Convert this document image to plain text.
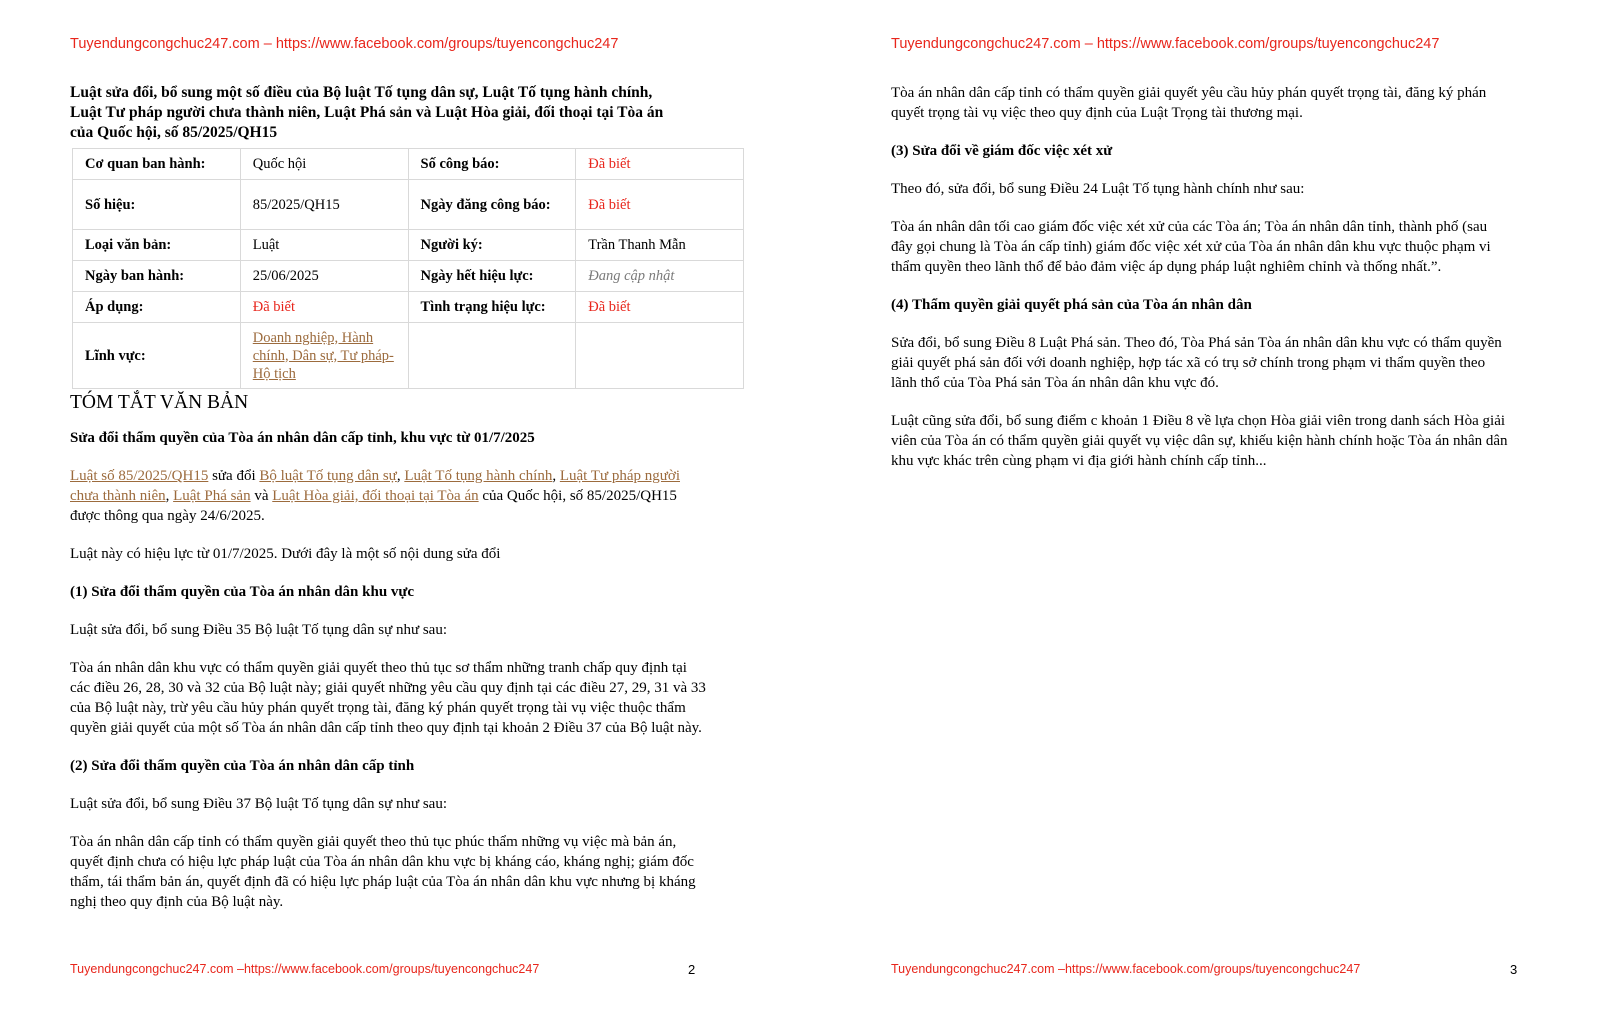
Tuyendungcongchuc247.com – https://www.facebook.com/groups/tuyencongchuc247

Luật sửa đổi, bổ sung một số điều của Bộ luật Tố tụng dân sự, Luật Tố tụng hành chính, Luật Tư pháp người chưa thành niên, Luật Phá sản và Luật Hòa giải, đối thoại tại Tòa án của Quốc hội, số 85/2025/QH15

Cơ quan ban hành:	Quốc hội	Số công báo:	Đã biết
Số hiệu:	85/2025/QH15	Ngày đăng công báo:	Đã biết
Loại văn bản:	Luật	Người ký:	Trần Thanh Mẫn
Ngày ban hành:	25/06/2025	Ngày hết hiệu lực:	Đang cập nhật
Áp dụng:	Đã biết	Tình trạng hiệu lực:	Đã biết
Lĩnh vực:	Doanh nghiệp, Hành chính, Dân sự, Tư pháp-Hộ tịch		
TÓM TẮT VĂN BẢN

Sửa đổi thẩm quyền của Tòa án nhân dân cấp tỉnh, khu vực từ 01/7/2025

Luật số 85/2025/QH15 sửa đổi Bộ luật Tố tụng dân sự, Luật Tố tụng hành chính, Luật Tư pháp người chưa thành niên, Luật Phá sản và Luật Hòa giải, đối thoại tại Tòa án của Quốc hội, số 85/2025/QH15 được thông qua ngày 24/6/2025.

Luật này có hiệu lực từ 01/7/2025. Dưới đây là một số nội dung sửa đổi

(1) Sửa đổi thẩm quyền của Tòa án nhân dân khu vực

Luật sửa đổi, bổ sung Điều 35 Bộ luật Tố tụng dân sự như sau:

Tòa án nhân dân khu vực có thẩm quyền giải quyết theo thủ tục sơ thẩm những tranh chấp quy định tại các điều 26, 28, 30 và 32 của Bộ luật này; giải quyết những yêu cầu quy định tại các điều 27, 29, 31 và 33 của Bộ luật này, trừ yêu cầu hủy phán quyết trọng tài, đăng ký phán quyết trọng tài vụ việc thuộc thẩm quyền giải quyết của một số Tòa án nhân dân cấp tỉnh theo quy định tại khoản 2 Điều 37 của Bộ luật này.

(2) Sửa đổi thẩm quyền của Tòa án nhân dân cấp tỉnh

Luật sửa đổi, bổ sung Điều 37 Bộ luật Tố tụng dân sự như sau:

Tòa án nhân dân cấp tỉnh có thẩm quyền giải quyết theo thủ tục phúc thẩm những vụ việc mà bản án, quyết định chưa có hiệu lực pháp luật của Tòa án nhân dân khu vực bị kháng cáo, kháng nghị; giám đốc thẩm, tái thẩm bản án, quyết định đã có hiệu lực pháp luật của Tòa án nhân dân khu vực nhưng bị kháng nghị theo quy định của Bộ luật này.

Tuyendungcongchuc247.com –https://www.facebook.com/groups/tuyencongchuc247	2
Tuyendungcongchuc247.com – https://www.facebook.com/groups/tuyencongchuc247

Tòa án nhân dân cấp tỉnh có thẩm quyền giải quyết yêu cầu hủy phán quyết trọng tài, đăng ký phán quyết trọng tài vụ việc theo quy định của Luật Trọng tài thương mại.

(3) Sửa đổi về giám đốc việc xét xử

Theo đó, sửa đổi, bổ sung Điều 24 Luật Tố tụng hành chính như sau:

Tòa án nhân dân tối cao giám đốc việc xét xử của các Tòa án; Tòa án nhân dân tỉnh, thành phố (sau đây gọi chung là Tòa án cấp tỉnh) giám đốc việc xét xử của Tòa án nhân dân khu vực thuộc phạm vi thẩm quyền theo lãnh thổ để bảo đảm việc áp dụng pháp luật nghiêm chỉnh và thống nhất.”.

(4) Thẩm quyền giải quyết phá sản của Tòa án nhân dân

Sửa đổi, bổ sung Điều 8 Luật Phá sản. Theo đó, Tòa Phá sản Tòa án nhân dân khu vực có thẩm quyền giải quyết phá sản đối với doanh nghiệp, hợp tác xã có trụ sở chính trong phạm vi thẩm quyền theo lãnh thổ của Tòa Phá sản Tòa án nhân dân khu vực đó.

Luật cũng sửa đổi, bổ sung điểm c khoản 1 Điều 8 về lựa chọn Hòa giải viên trong danh sách Hòa giải viên của Tòa án có thẩm quyền giải quyết vụ việc dân sự, khiếu kiện hành chính hoặc Tòa án nhân dân khu vực khác trên cùng phạm vi địa giới hành chính cấp tỉnh...

Tuyendungcongchuc247.com –https://www.facebook.com/groups/tuyencongchuc247	3
